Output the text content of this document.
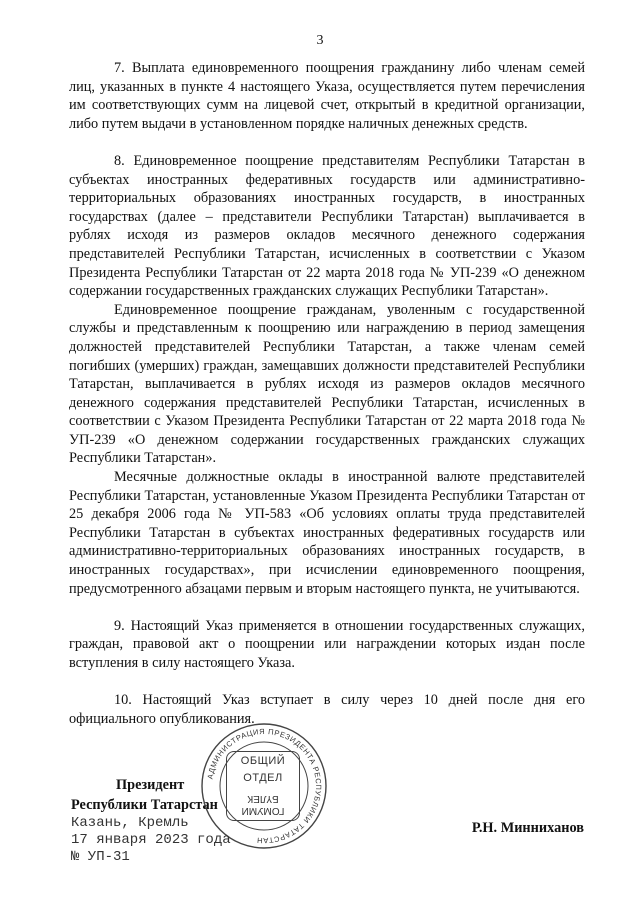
3

7. Выплата единовременного поощрения гражданину либо членам семей лиц, указанных в пункте 4 настоящего Указа, осуществляется путем перечисления им соответствующих сумм на лицевой счет, открытый в кредитной организации, либо путем выдачи в установленном порядке наличных денежных средств.

8. Единовременное поощрение представителям Республики Татарстан в субъектах иностранных федеративных государств или административно-территориальных образованиях иностранных государств, в иностранных государствах (далее – представители Республики Татарстан) выплачивается в рублях исходя из размеров окладов месячного денежного содержания представителей Республики Татарстан, исчисленных в соответствии с Указом Президента Республики Татарстан от 22 марта 2018 года № УП-239 «О денежном содержании государственных гражданских служащих Республики Татарстан».

Единовременное поощрение гражданам, уволенным с государственной службы и представленным к поощрению или награждению в период замещения должностей представителей Республики Татарстан, а также членам семей погибших (умерших) граждан, замещавших должности представителей Республики Татарстан, выплачивается в рублях исходя из размеров окладов месячного денежного содержания представителей Республики Татарстан, исчисленных в соответствии с Указом Президента Республики Татарстан от 22 марта 2018 года № УП-239 «О денежном содержании государственных гражданских служащих Республики Татарстан».

Месячные должностные оклады в иностранной валюте представителей Республики Татарстан, установленные Указом Президента Республики Татарстан от 25 декабря 2006 года № УП-583 «Об условиях оплаты труда представителей Республики Татарстан в субъектах иностранных федеративных государств или административно-территориальных образованиях иностранных государств, в иностранных государствах», при исчислении единовременного поощрения, предусмотренного абзацами первым и вторым настоящего пункта, не учитываются.

9. Настоящий Указ применяется в отношении государственных служащих, граждан, правовой акт о поощрении или награждении которых издан после вступления в силу настоящего Указа.

10. Настоящий Указ вступает в силу через 10 дней после дня его официального опубликования.

Президент
Республики Татарстан
АДМИНИСТРАЦИЯ ПРЕЗИДЕНТА РЕСПУБЛИКИ ТАТАРСТАН
ОБЩИЙ
ОТДЕЛ
ГОМУМИ
БҮЛЕК
Р.Н. Минниханов
Казань, Кремль
17 января 2023 года
№ УП-31
